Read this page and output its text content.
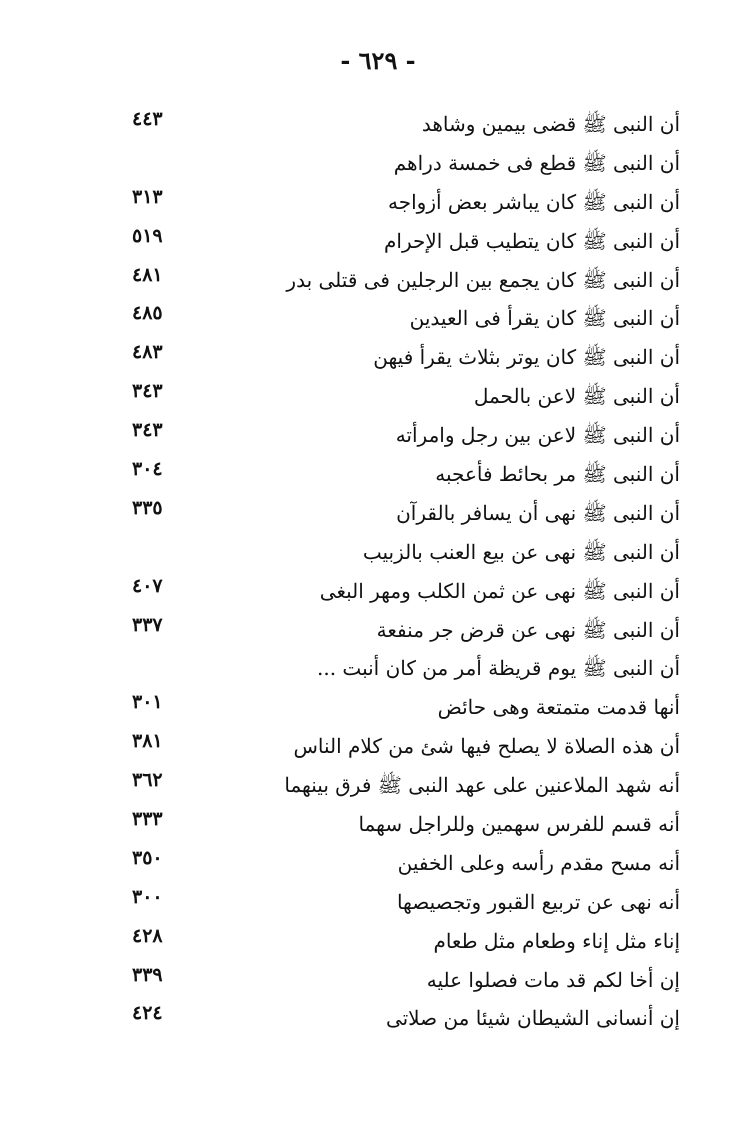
- ٦٢٩ -
أن النبى ﷺ قضى بيمين وشاهد
٤٤٣
أن النبى ﷺ قطع فى خمسة دراهم
أن النبى ﷺ كان يباشر بعض أزواجه
٣١٣
أن النبى ﷺ كان يتطيب قبل الإحرام
٥١٩
أن النبى ﷺ كان يجمع بين الرجلين فى قتلى بدر
٤٨١
أن النبى ﷺ كان يقرأ فى العيدين
٤٨٥
أن النبى ﷺ كان يوتر بثلاث يقرأ فيهن
٤٨٣
أن النبى ﷺ لاعن بالحمل
٣٤٣
أن النبى ﷺ لاعن بين رجل وامرأته
٣٤٣
أن النبى ﷺ مر بحائط فأعجبه
٣٠٤
أن النبى ﷺ نهى أن يسافر بالقرآن
٣٣٥
أن النبى ﷺ نهى عن بيع العنب بالزبيب
أن النبى ﷺ نهى عن ثمن الكلب ومهر البغى
٤٠٧
أن النبى ﷺ نهى عن قرض جر منفعة
٣٣٧
أن النبى ﷺ يوم قريظة أمر من كان أنبت ...
أنها قدمت متمتعة وهى حائض
٣٠١
أن هذه الصلاة لا يصلح فيها شئ من كلام الناس
٣٨١
أنه شهد الملاعنين على عهد النبى ﷺ فرق بينهما
٣٦٢
أنه قسم للفرس سهمين وللراجل سهما
٣٣٣
أنه مسح مقدم رأسه وعلى الخفين
٣٥٠
أنه نهى عن تربيع القبور وتجصيصها
٣٠٠
إناء مثل إناء وطعام مثل طعام
٤٢٨
إن أخا لكم قد مات فصلوا عليه
٣٣٩
إن أنسانى الشيطان شيئا من صلاتى
٤٢٤
